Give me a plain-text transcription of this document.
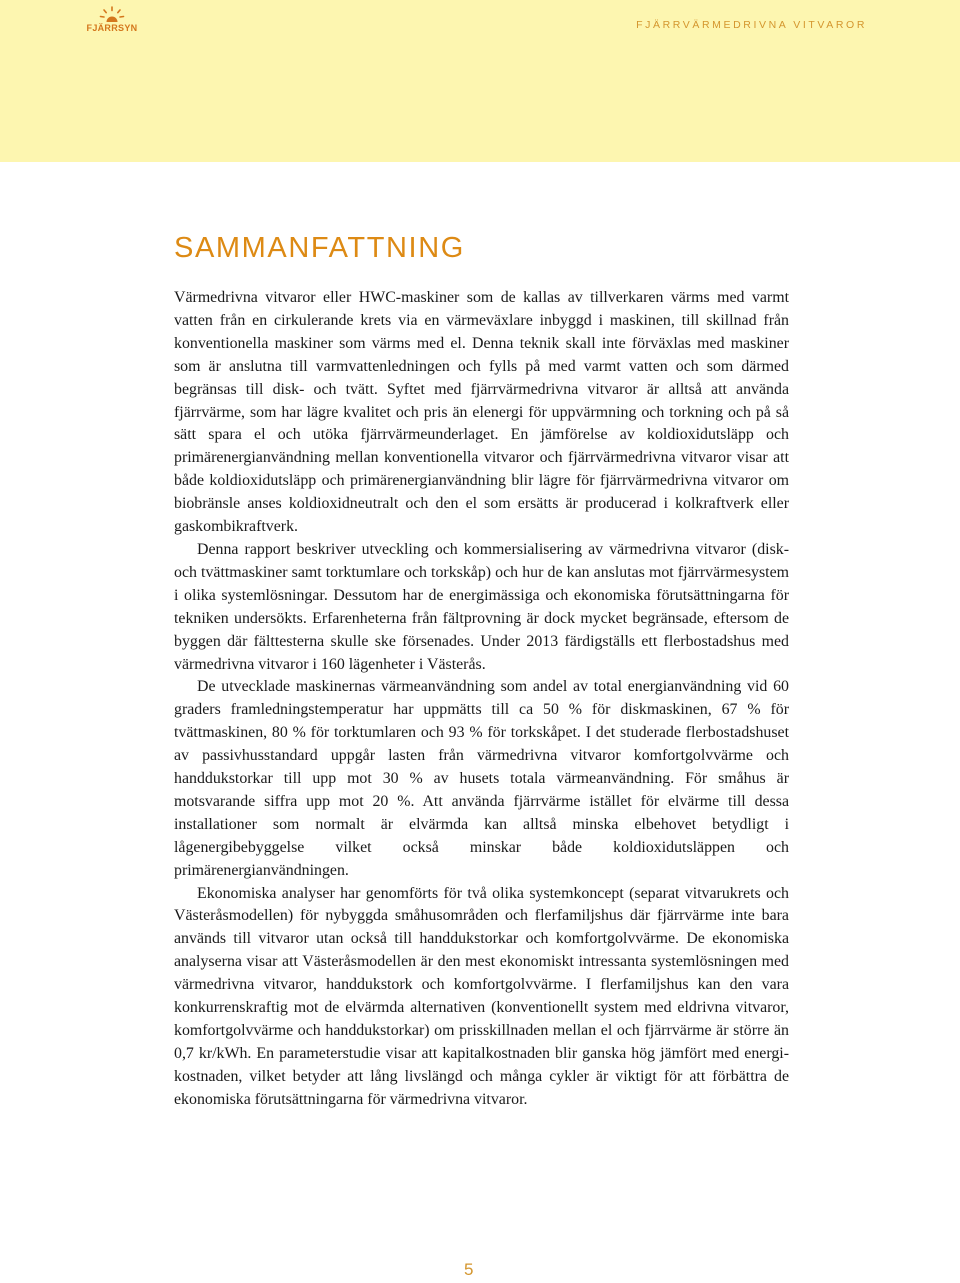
FJÄRRSYN	FJÄRRVÄRMEDRIVNA VITVAROR
SAMMANFATTNING

Värmedrivna vitvaror eller HWC-maskiner som de kallas av tillverkaren värms med varmt vatten från en cirkulerande krets via en värmeväxlare inbyggd i maskinen, till skillnad från konventionella maskiner som värms med el. Denna teknik skall inte förväxlas med maskiner som är anslutna till varmvattenledningen och fylls på med varmt vatten och som därmed begränsas till disk- och tvätt. Syftet med fjärrvärmedrivna vitvaror är alltså att använda fjärrvärme, som har lägre kvalitet och pris än elenergi för uppvärmning och torkning och på så sätt spara el och utöka fjärrvärmeunderlaget. En jämförelse av koldioxidutsläpp och primärenergianvändning mellan konventionella vitvaror och fjärrvärmedrivna vitvaror visar att både koldioxidutsläpp och primärenergianvändning blir lägre för fjärrvärmedrivna vitvaror om biobränsle anses koldioxidneutralt och den el som ersätts är producerad i kolkraftverk eller gaskombikraftverk.

Denna rapport beskriver utveckling och kommersialisering av värmedrivna vitvaror (disk- och tvättmaskiner samt torktumlare och torkskåp) och hur de kan anslutas mot fjärrvärmesystem i olika systemlösningar. Dessutom har de energimässiga och ekonomiska förutsättningarna för tekniken undersökts. Erfarenheterna från fältprovning är dock mycket begränsade, eftersom de byggen där fälttesterna skulle ske försenades. Under 2013 färdigställs ett flerbostadshus med värmedrivna vitvaror i 160 lägenheter i Västerås.

De utvecklade maskinernas värmeanvändning som andel av total energianvändning vid 60 graders framledningstemperatur har uppmätts till ca 50 % för diskmaskinen, 67 % för tvättmaskinen, 80 % för torktumlaren och 93 % för torkskåpet. I det studerade flerbostadshuset av passivhusstandard uppgår lasten från värmedrivna vitvaror komfortgolvvärme och handdukstorkar till upp mot 30 % av husets totala värmeanvändning. För småhus är motsvarande siffra upp mot 20 %. Att använda fjärrvärme istället för elvärme till dessa installationer som normalt är elvärmda kan alltså minska elbehovet betydligt i lågenergibebyggelse vilket också minskar både koldioxidutsläppen och primärenergianvändningen.

Ekonomiska analyser har genomförts för två olika systemkoncept (separat vitvarukrets och Västeråsmodellen) för nybyggda småhusområden och flerfamiljshus där fjärrvärme inte bara används till vitvaror utan också till handdukstorkar och komfortgolvvärme. De ekonomiska analyserna visar att Västeråsmodellen är den mest ekonomiskt intressanta systemlösningen med värmedrivna vitvaror, handdukstork och komfortgolvvärme. I flerfamiljshus kan den vara konkurrenskraftig mot de elvärmda alternativen (konventionellt system med eldrivna vitvaror, komfortgolvvärme och handdukstorkar) om prisskillnaden mellan el och fjärrvärme är större än 0,7 kr/kWh. En parameterstudie visar att kapitalkostnaden blir ganska hög jämfört med energikostnaden, vilket betyder att lång livslängd och många cykler är viktigt för att förbättra de ekonomiska förutsättningarna för värmedrivna vitvaror.

5
